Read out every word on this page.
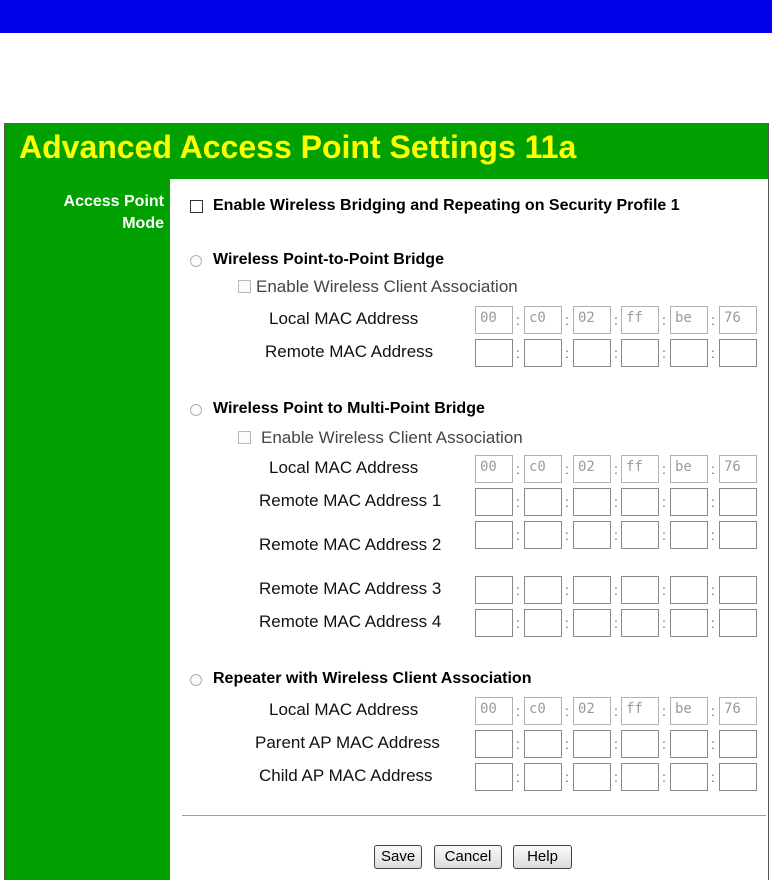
Advanced Access Point Settings 11a
Access Point Mode
Enable Wireless Bridging and Repeating on Security Profile 1
Wireless Point-to-Point Bridge
Enable Wireless Client Association
Local MAC Address	00	: c0	: 02	: ff	: be	: 76
Remote MAC Address	:	:	:	:	:
Wireless Point to Multi-Point Bridge
Enable Wireless Client Association
Local MAC Address	00	: c0	: 02	: ff	: be	: 76
Remote MAC Address 1	:	:	:	:	:
Remote MAC Address 2	:	:	:	:	:
Remote MAC Address 3	:	:	:	:	:
Remote MAC Address 4	:	:	:	:	:
Repeater with Wireless Client Association
Local MAC Address	00	: c0	: 02	: ff	: be	: 76
Parent AP MAC Address	:	:	:	:	:
Child AP MAC Address	:	:	:	:	:
Save	Cancel	Help
